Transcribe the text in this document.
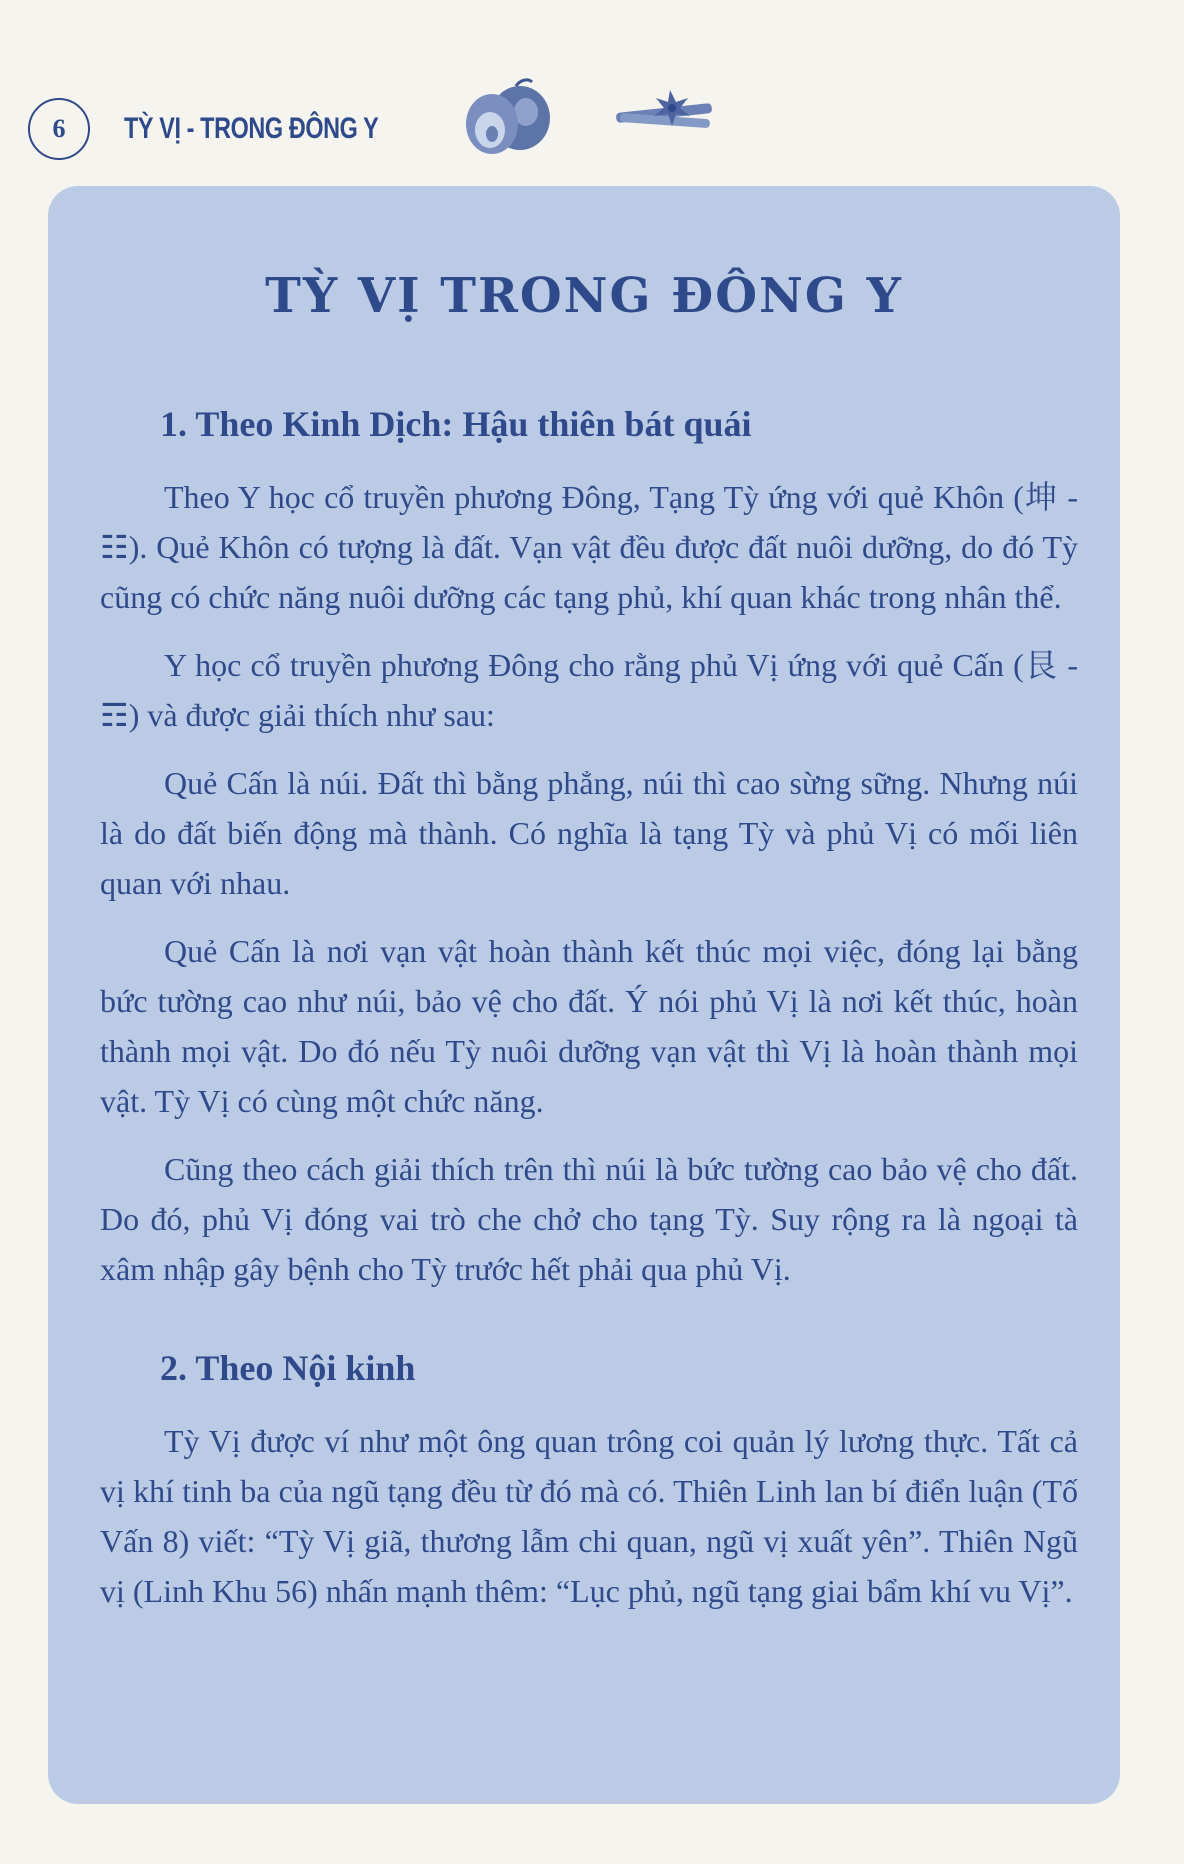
6	TỲ VỊ - TRONG ĐÔNG Y
TỲ VỊ TRONG ĐÔNG Y
1. Theo Kinh Dịch: Hậu thiên bát quái

Theo Y học cổ truyền phương Đông, Tạng Tỳ ứng với quẻ Khôn (坤 - ☷). Quẻ Khôn có tượng là đất. Vạn vật đều được đất nuôi dưỡng, do đó Tỳ cũng có chức năng nuôi dưỡng các tạng phủ, khí quan khác trong nhân thể.

Y học cổ truyền phương Đông cho rằng phủ Vị ứng với quẻ Cấn (艮 - ☶) và được giải thích như sau:

Quẻ Cấn là núi. Đất thì bằng phẳng, núi thì cao sừng sững. Nhưng núi là do đất biến động mà thành. Có nghĩa là tạng Tỳ và phủ Vị có mối liên quan với nhau.

Quẻ Cấn là nơi vạn vật hoàn thành kết thúc mọi việc, đóng lại bằng bức tường cao như núi, bảo vệ cho đất. Ý nói phủ Vị là nơi kết thúc, hoàn thành mọi vật. Do đó nếu Tỳ nuôi dưỡng vạn vật thì Vị là hoàn thành mọi vật. Tỳ Vị có cùng một chức năng.

Cũng theo cách giải thích trên thì núi là bức tường cao bảo vệ cho đất. Do đó, phủ Vị đóng vai trò che chở cho tạng Tỳ. Suy rộng ra là ngoại tà xâm nhập gây bệnh cho Tỳ trước hết phải qua phủ Vị.

2. Theo Nội kinh

Tỳ Vị được ví như một ông quan trông coi quản lý lương thực. Tất cả vị khí tinh ba của ngũ tạng đều từ đó mà có. Thiên Linh lan bí điển luận (Tố Vấn 8) viết: “Tỳ Vị giã, thương lẫm chi quan, ngũ vị xuất yên”. Thiên Ngũ vị (Linh Khu 56) nhấn mạnh thêm: “Lục phủ, ngũ tạng giai bẩm khí vu Vị”.
